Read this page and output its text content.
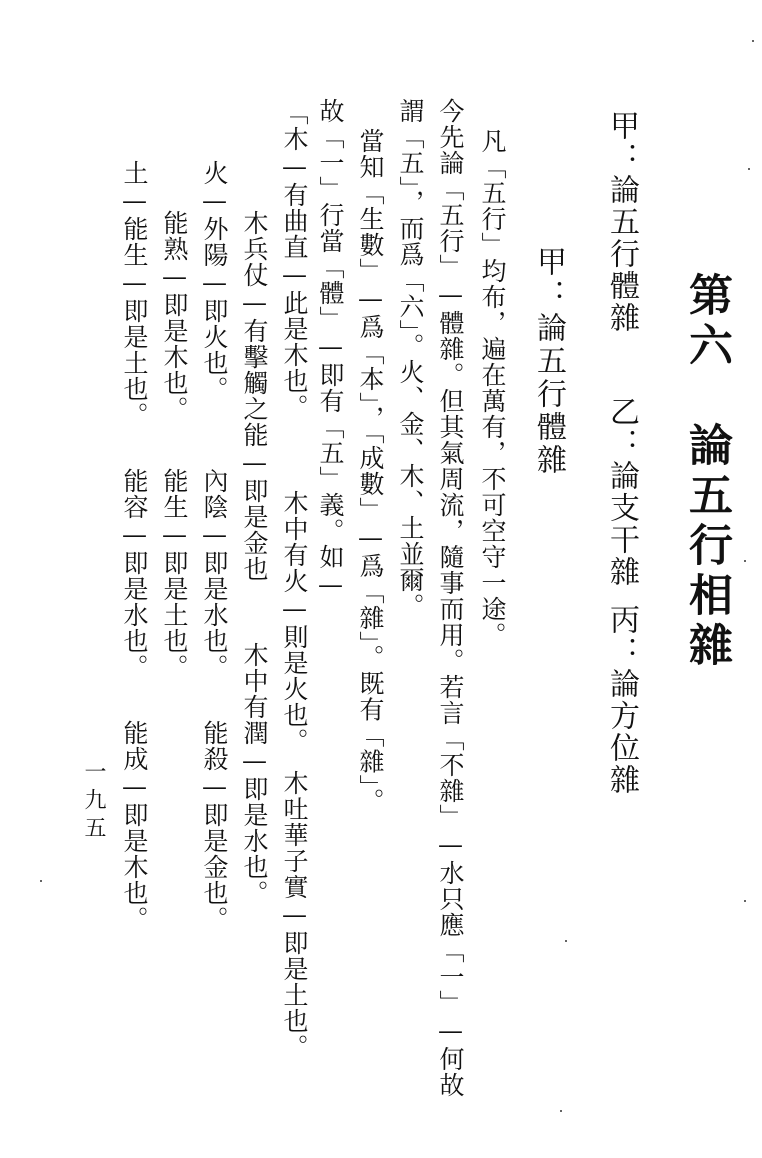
第六　論五行相雜
甲：論五行體雜
乙：論支干雜
丙：論方位雜
甲：論五行體雜
凡「五行」均布，遍在萬有，不可空守一途。
今先論「五行」—體雜。但其氣周流，隨事而用。若言「不雜」—水只應「一」—何故
謂「五」，而爲「六」。火、金、木、土並爾。
當知「生數」—爲「本」，「成數」—爲「雜」。既有「雜」。
故「一」行當「體」—即有「五」義。如—
「木—有曲直—此是木也。
木中有火—則是火也。
木吐華子實—即是土也。
木兵仗—有擊觸之能—即是金也
木中有潤—即是水也。
火—外陽—即火也。
內陰—即是水也。
能殺—即是金也。
能熟—即是木也。
能生—即是土也。
土—能生—即是土也。
能容—即是水也。
能成—即是木也。
一九五
